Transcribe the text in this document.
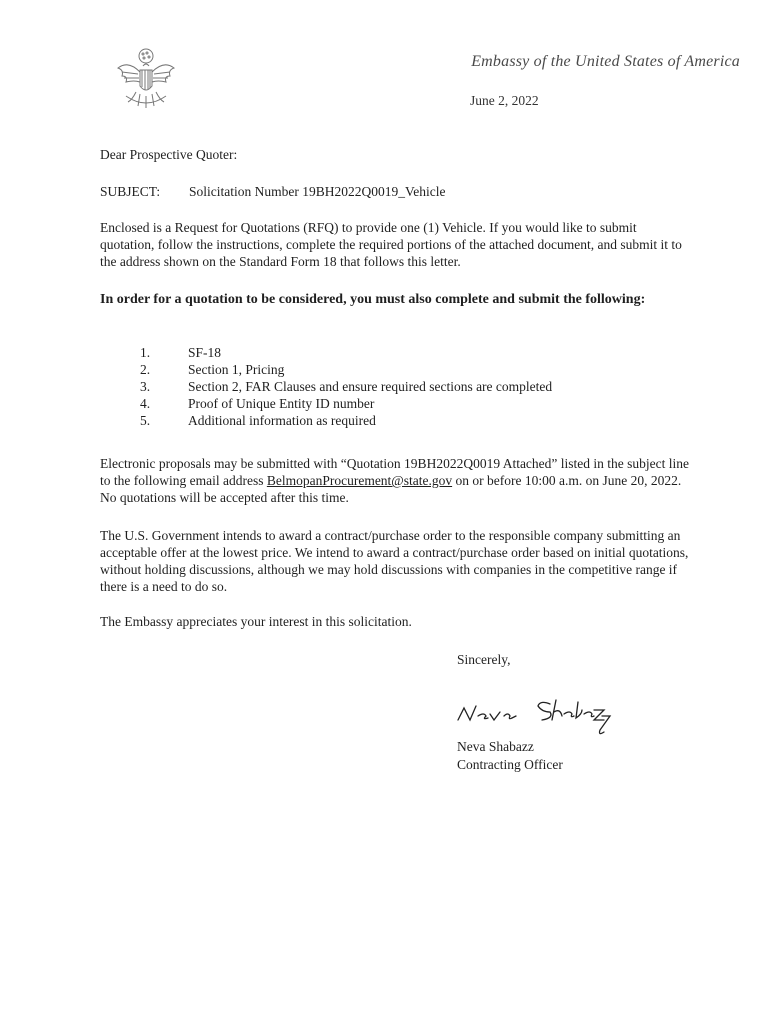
Embassy of the United States of America
June 2, 2022
Dear Prospective Quoter:
SUBJECT: Solicitation Number 19BH2022Q0019_Vehicle
Enclosed is a Request for Quotations (RFQ) to provide one (1) Vehicle. If you would like to submit quotation, follow the instructions, complete the required portions of the attached document, and submit it to the address shown on the Standard Form 18 that follows this letter.
In order for a quotation to be considered, you must also complete and submit the following:
1.	SF-18
2.	Section 1, Pricing
3.	Section 2, FAR Clauses and ensure required sections are completed
4.	Proof of Unique Entity ID number
5.	Additional information as required
Electronic proposals may be submitted with “Quotation 19BH2022Q0019 Attached” listed in the subject line to the following email address BelmopanProcurement@state.gov on or before 10:00 a.m. on June 20, 2022. No quotations will be accepted after this time.
The U.S. Government intends to award a contract/purchase order to the responsible company submitting an acceptable offer at the lowest price. We intend to award a contract/purchase order based on initial quotations, without holding discussions, although we may hold discussions with companies in the competitive range if there is a need to do so.
The Embassy appreciates your interest in this solicitation.
Sincerely,
Neva Shabazz
Contracting Officer
